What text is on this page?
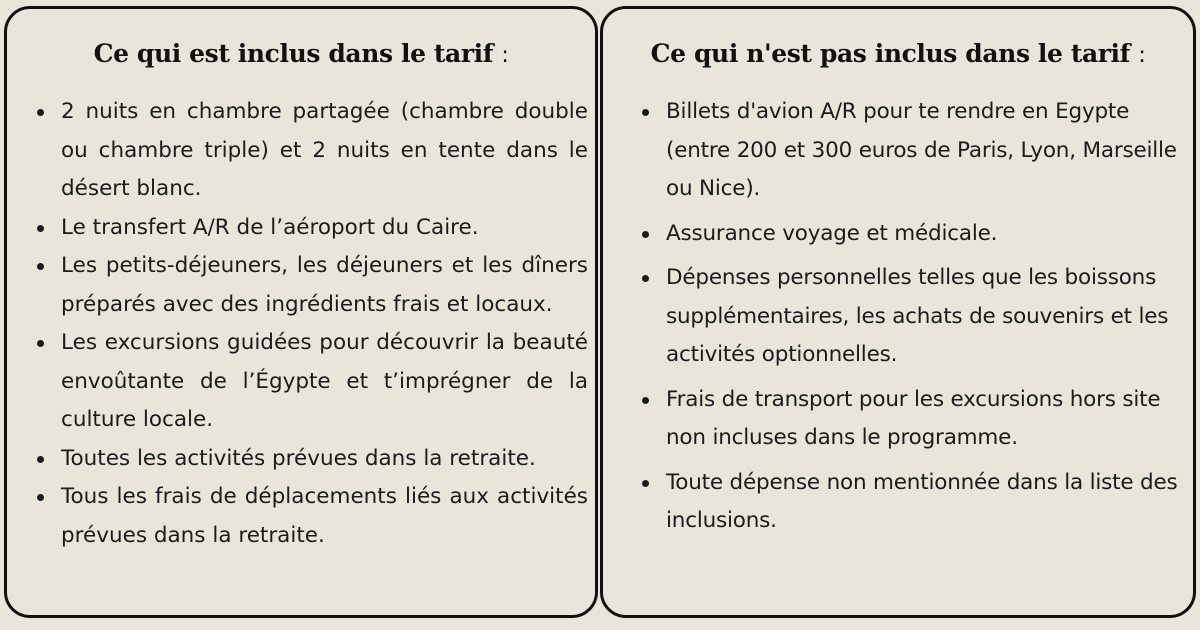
Ce qui est inclus dans le tarif :
2 nuits en chambre partagée (chambre double ou chambre triple) et 2 nuits en tente dans le désert blanc.
Le transfert A/R de l’aéroport du Caire.
Les petits-déjeuners, les déjeuners et les dîners préparés avec des ingrédients frais et locaux.
Les excursions guidées pour découvrir la beauté envoûtante de l’Égypte et t’imprégner de la culture locale.
Toutes les activités prévues dans la retraite.
Tous les frais de déplacements liés aux activités prévues dans la retraite.
Ce qui n'est pas inclus dans le tarif :
Billets d'avion A/R pour te rendre en Egypte (entre 200 et 300 euros de Paris, Lyon, Marseille ou Nice).
Assurance voyage et médicale.
Dépenses personnelles telles que les boissons supplémentaires, les achats de souvenirs et les activités optionnelles.
Frais de transport pour les excursions hors site non incluses dans le programme.
Toute dépense non mentionnée dans la liste des inclusions.
